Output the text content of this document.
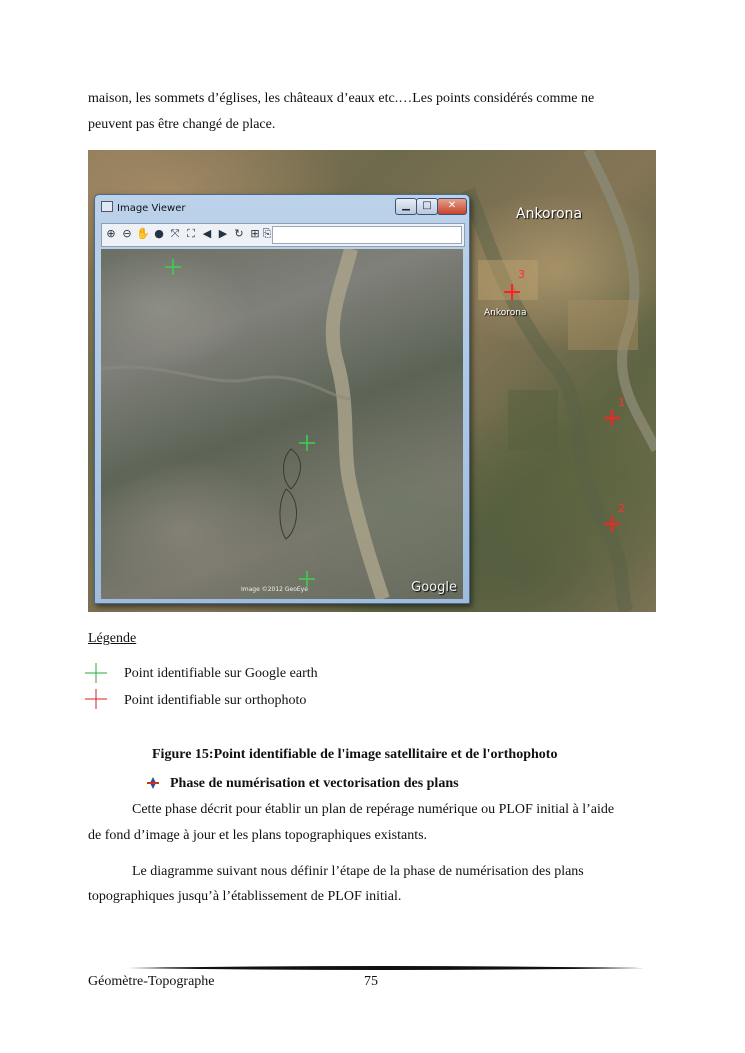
maison, les sommets d’églises, les châteaux d’eaux etc.…Les points considérés comme ne
peuvent pas être changé de place.
Ankorona
Ankorona
3
1
2
Image Viewer	▁	□	✕
⊕ ⊖ ✋ ● ⤧ ⛶ ◀ ▶ ↻ ⊞ ⎘
Image ©2012 GeoEye	Google
Légende
Point identifiable sur Google earth
Point identifiable sur orthophoto
Figure 15:Point identifiable de l'image satellitaire et de l'orthophoto
Phase de numérisation et vectorisation des plans
Cette phase décrit pour établir un plan de repérage numérique ou PLOF initial à l’aide
de fond d’image à jour et les plans topographiques existants.
Le diagramme suivant nous définir l’étape de la phase de numérisation des plans
topographiques jusqu’à l’établissement de PLOF initial.
Géomètre-Topographe	75
